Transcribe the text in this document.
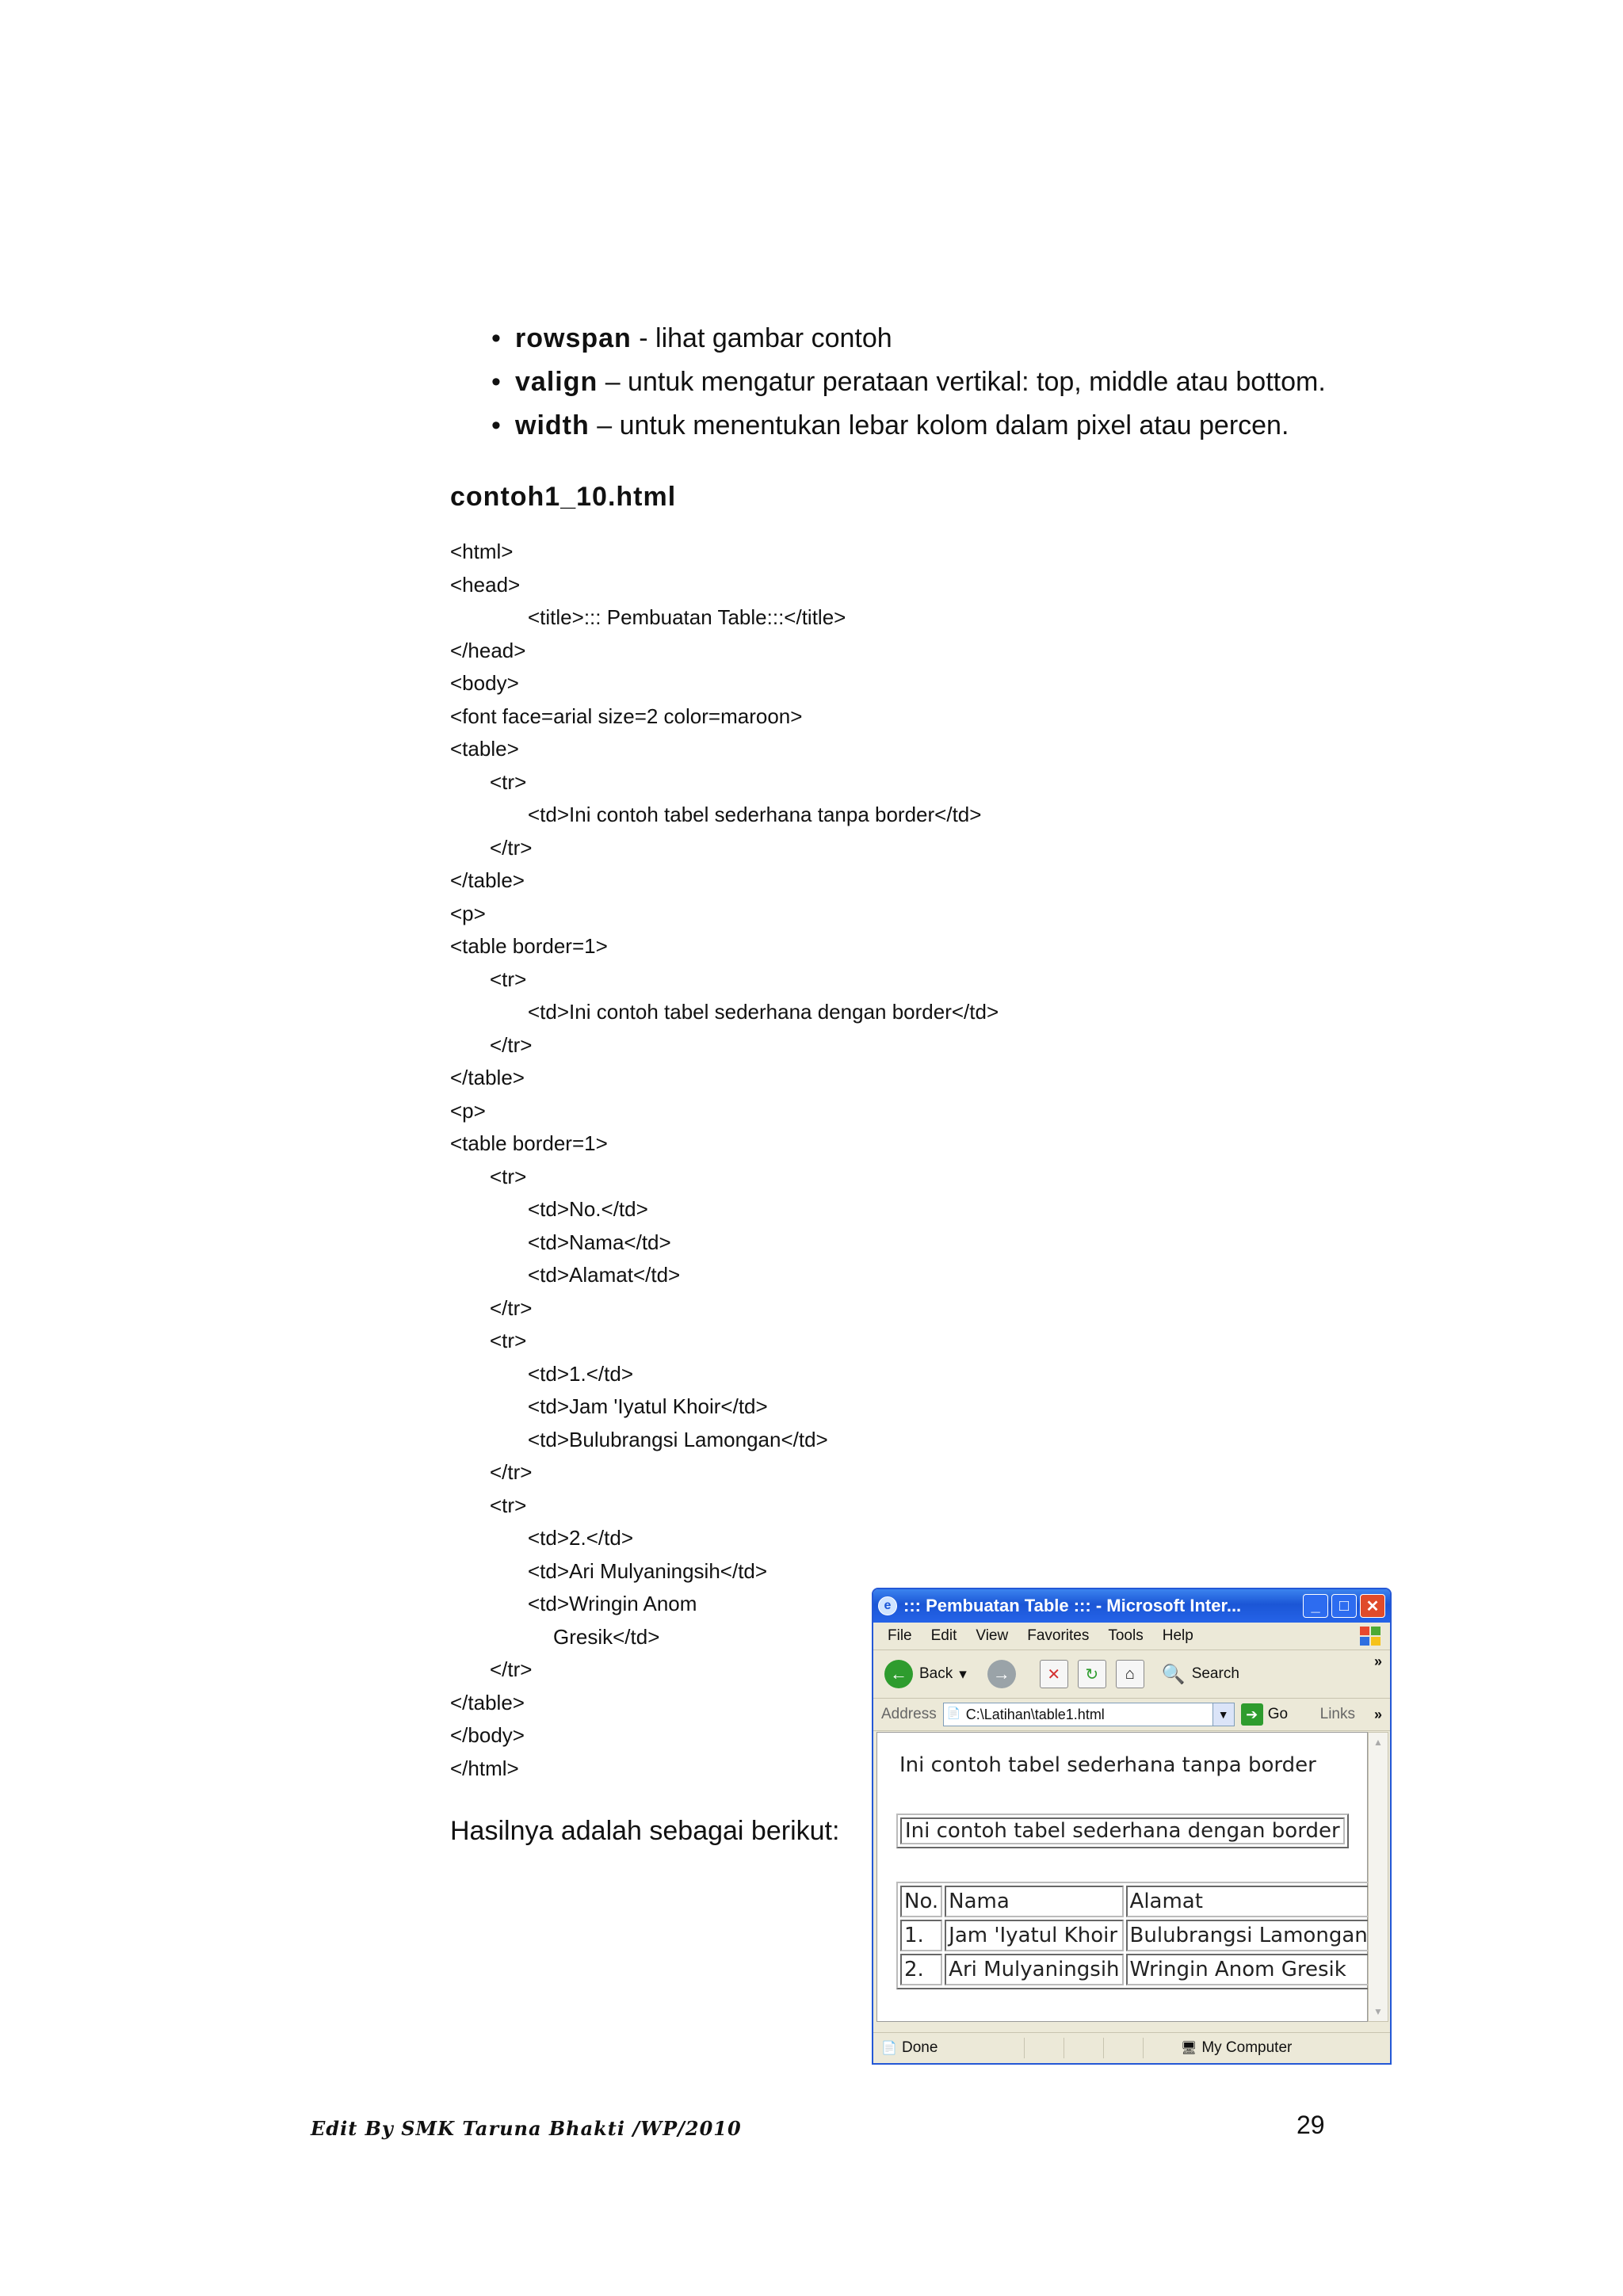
• rowspan - lihat gambar contoh
• valign – untuk mengatur perataan vertikal: top, middle atau bottom.
• width – untuk menentukan lebar kolom dalam pixel atau percen.
contoh1_10.html
<html>
<head>
<title>::: Pembuatan Table:::</title>
</head>
<body>
<font face=arial size=2 color=maroon>
<table>
<tr>
<td>Ini contoh tabel sederhana tanpa border</td>
</tr>
</table>
<p>
<table border=1>
<tr>
<td>Ini contoh tabel sederhana dengan border</td>
</tr>
</table>
<p>
<table border=1>
<tr>
<td>No.</td>
<td>Nama</td>
<td>Alamat</td>
</tr>
<tr>
<td>1.</td>
<td>Jam 'Iyatul Khoir</td>
<td>Bulubrangsi Lamongan</td>
</tr>
<tr>
<td>2.</td>
<td>Ari Mulyaningsih</td>
<td>Wringin Anom
Gresik</td>
</tr>
</table>
</body>
</html>
Hasilnya adalah sebagai berikut:
e ::: Pembuatan Table ::: - Microsoft Inter...	_	□	✕
File Edit View Favorites Tools Help
← Back ▾	→	✕	↻	⌂	🔍 Search
»
Address 📄 C:\Latihan\table1.html	▼	➔ Go Links »
Ini contoh tabel sederhana tanpa border
Ini contoh tabel sederhana dengan border
No.	Nama	Alamat
1.	Jam 'Iyatul Khoir	Bulubrangsi Lamongan
2.	Ari Mulyaningsih	Wringin Anom Gresik
▲
▼
📄 Done	🖥 My Computer
Edit By SMK Taruna Bhakti /WP/2010	29
